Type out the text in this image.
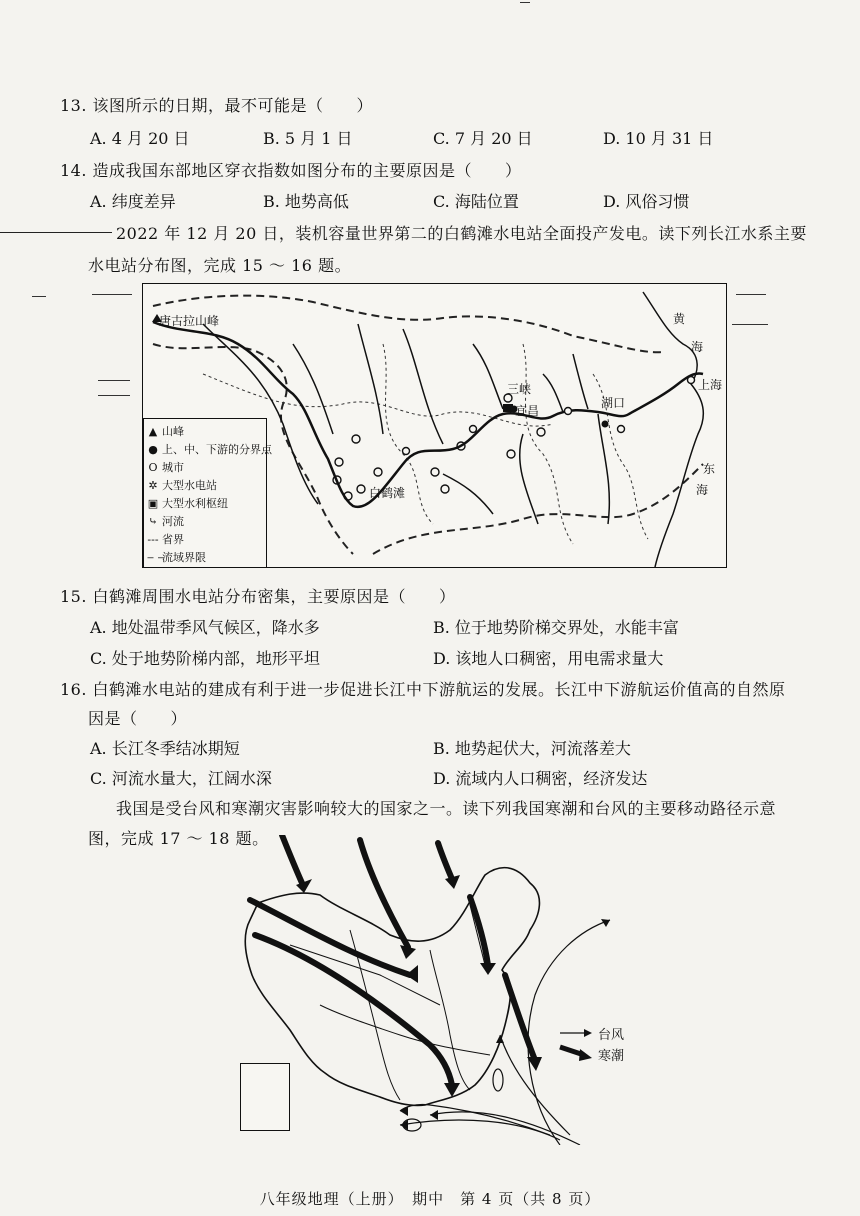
13. 该图所示的日期，最不可能是（　　）
A. 4 月 20 日	B. 5 月 1 日	C. 7 月 20 日	D. 10 月 31 日
14. 造成我国东部地区穿衣指数如图分布的主要原因是（　　）
A. 纬度差异	B. 地势高低	C. 海陆位置	D. 风俗习惯
2022 年 12 月 20 日，装机容量世界第二的白鹤滩水电站全面投产发电。读下列长江水系主要
水电站分布图，完成 15 ～ 16 题。
唐古拉山峰
三峡
宜昌
湖口
上海
白鹤滩
黄
海
东
海
▲ 山峰
● 上、中、下游的分界点
O 城市
✲ 大型水电站
▣ 大型水利枢纽
⤷ 河流
--- 省界
‒ ‒
流域界限
15. 白鹤滩周围水电站分布密集，主要原因是（　　）
A. 地处温带季风气候区，降水多	B. 位于地势阶梯交界处，水能丰富
C. 处于地势阶梯内部，地形平坦	D. 该地人口稠密，用电需求量大
16. 白鹤滩水电站的建成有利于进一步促进长江中下游航运的发展。长江中下游航运价值高的自然原
因是（　　）
A. 长江冬季结冰期短	B. 地势起伏大，河流落差大
C. 河流水量大，江阔水深	D. 流域内人口稠密，经济发达
我国是受台风和寒潮灾害影响较大的国家之一。读下列我国寒潮和台风的主要移动路径示意
图，完成 17 ～ 18 题。
台风
寒潮
八年级地理（上册）　期中　第 4 页（共 8 页）
